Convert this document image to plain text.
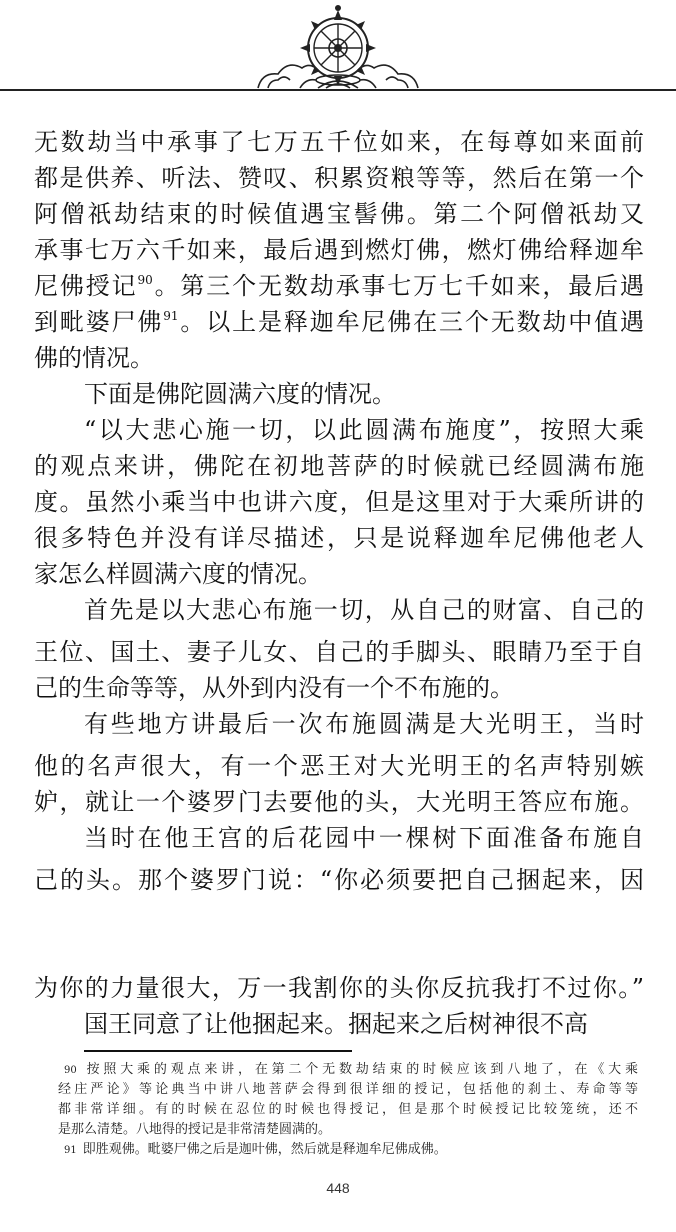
无数劫当中承事了七万五千位如来，在每尊如来面前
都是供养、听法、赞叹、积累资粮等等，然后在第一个
阿僧祇劫结束的时候值遇宝髻佛。第二个阿僧祇劫又
承事七万六千如来，最后遇到燃灯佛，燃灯佛给释迦牟
尼佛授记$^{90}$。第三个无数劫承事七万七千如来，最后遇
到毗婆尸佛$^{91}$。以上是释迦牟尼佛在三个无数劫中值遇
佛的情况。
下面是佛陀圆满六度的情况。
“以大悲心施一切，以此圆满布施度”，按照大乘
的观点来讲，佛陀在初地菩萨的时候就已经圆满布施
度。虽然小乘当中也讲六度，但是这里对于大乘所讲的
很多特色并没有详尽描述，只是说释迦牟尼佛他老人
家怎么样圆满六度的情况。
首先是以大悲心布施一切，从自己的财富、自己的
王位、国土、妻子儿女、自己的手脚头、眼睛乃至于自
己的生命等等，从外到内没有一个不布施的。
有些地方讲最后一次布施圆满是大光明王，当时
他的名声很大，有一个恶王对大光明王的名声特别嫉
妒，就让一个婆罗门去要他的头，大光明王答应布施。
当时在他王宫的后花园中一棵树下面准备布施自
己的头。那个婆罗门说：“你必须要把自己捆起来，因
90 按照大乘的观点来讲，在第二个无数劫结束的时候应该到八地了，在《大乘
经庄严论》等论典当中讲八地菩萨会得到很详细的授记，包括他的刹土、寿命等等
都非常详细。有的时候在忍位的时候也得授记，但是那个时候授记比较笼统，还不
是那么清楚。八地得的授记是非常清楚圆满的。
91 即胜观佛。毗婆尸佛之后是迦叶佛，然后就是释迦牟尼佛成佛。
448
为你的力量很大，万一我割你的头你反抗我打不过你。”
国王同意了让他捆起来。捆起来之后树神很不高
